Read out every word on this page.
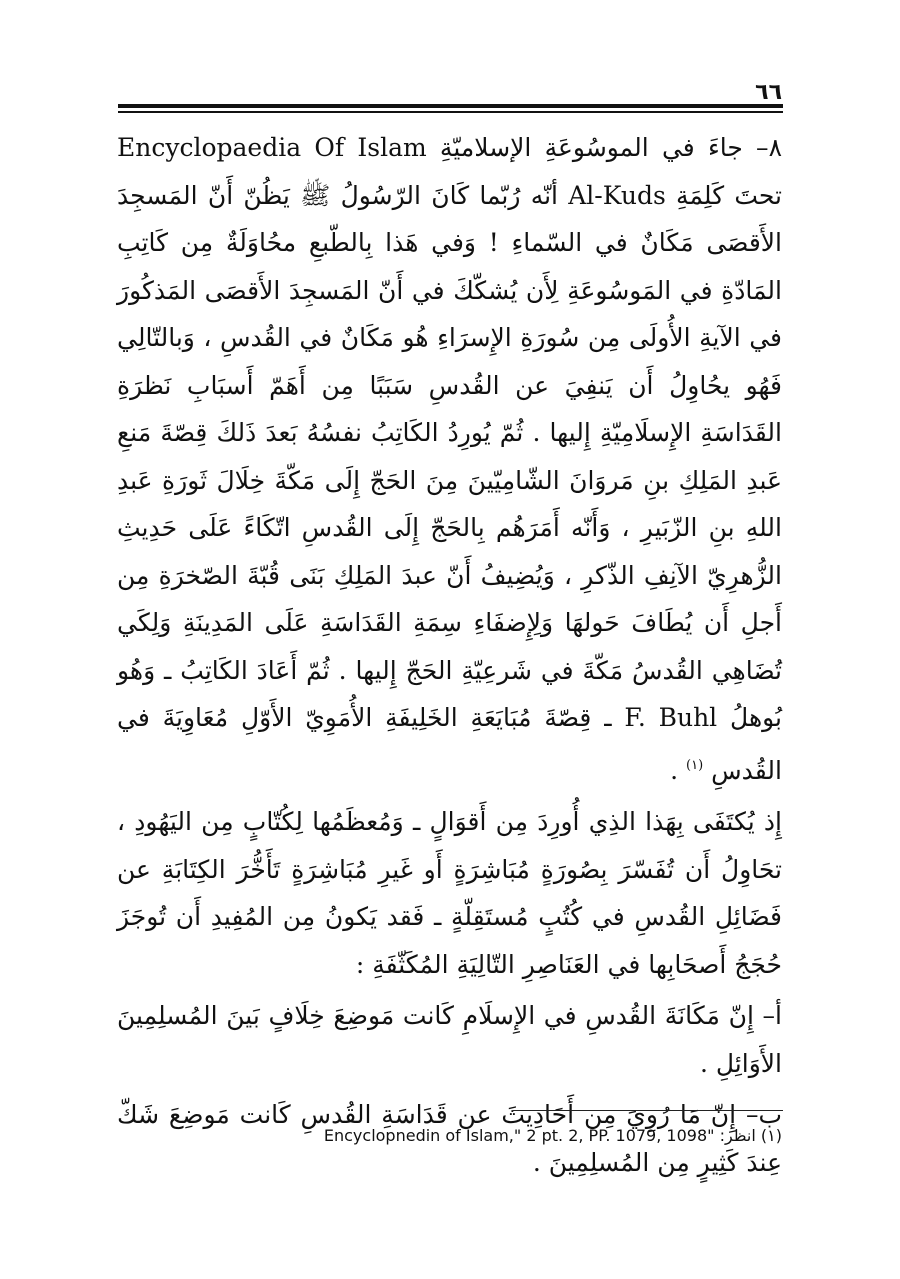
٦٦

٨– جاءَ في الموسُوعَةِ الإسلاميّةِ Encyclopaedia Of Islam تحتَ كَلِمَةِ Al-Kuds أنّه رُبّما كَانَ الرّسُولُ ﷺ يَظُنّ أَنّ المَسجِدَ الأَقصَى مَكَانٌ في السّماءِ ! وَفي هَذا بِالطّبعِ محُاوَلَةٌ مِن كَاتِبِ المَادّةِ في المَوسُوعَةِ لِأَن يُشكّكَ في أَنّ المَسجِدَ الأَقصَى المَذكُورَ في الآيةِ الأُولَى مِن سُورَةِ الإِسرَاءِ هُو مَكَانٌ في القُدسِ ، وَبالتّالِي فَهُو يحُاوِلُ أَن يَنفِيَ عن القُدسِ سَبَبًا مِن أَهَمّ أَسبَابِ نَظرَةِ القَدَاسَةِ الإِسلَامِيّةِ إِليها . ثُمّ يُورِدُ الكَاتِبُ نفسُهُ بَعدَ ذَلكَ قِصّةَ مَنعِ عَبدِ المَلِكِ بنِ مَروَانَ الشّامِيّينَ مِنَ الحَجّ إِلَى مَكّةَ خِلَالَ ثَورَةِ عَبدِ اللهِ بنِ الزّبَيرِ ، وَأَنّه أَمَرَهُم بِالحَجّ إِلَى القُدسِ اتّكَاءً عَلَى حَدِيثِ الزُّهرِيّ الآنِفِ الذّكرِ ، وَيُضِيفُ أَنّ عبدَ المَلِكِ بَنَى قُبّةَ الصّخرَةِ مِن أَجلِ أَن يُطَافَ حَولهَا وَلِإِضفَاءِ سِمَةِ القَدَاسَةِ عَلَى المَدِينَةِ وَلِكَي تُضَاهِي القُدسُ مَكّةَ في شَرعِيّةِ الحَجّ إِليها . ثُمّ أَعَادَ الكَاتِبُ ـ وَهُو بُوهلُ F. Buhl ـ قِصّةَ مُبَايَعَةِ الخَلِيفَةِ الأُمَوِيّ الأَوّلِ مُعَاوِيَةَ في القُدسِ $^{(١)}$ .

إِذ يُكتَفَى بِهَذا الذِي أُورِدَ مِن أَقوَالٍ ـ وَمُعظَمُها لِكُتّابٍ مِن اليَهُودِ ، تحَاوِلُ أَن تُفَسّرَ بِصُورَةٍ مُبَاشِرَةٍ أَو غَيرِ مُبَاشِرَةٍ تَأَخُّرَ الكِتَابَةِ عن فَضَائِلِ القُدسِ في كُتُبٍ مُستَقِلّةٍ ـ فَقد يَكونُ مِن المُفِيدِ أَن تُوجَزَ حُجَجُ أَصحَابِها في العَنَاصِرِ التّالِيَةِ المُكَثّفَةِ :

أ– إِنّ مَكَانَةَ القُدسِ في الإِسلَامِ كَانت مَوضِعَ خِلَافٍ بَينَ المُسلِمِينَ الأَوَائِلِ .

ب– إِنّ مَا رُوِيَ مِن أَحَادِيثَ عن قَدَاسَةِ القُدسِ كَانت مَوضِعَ شَكّ عِندَ كَثِيرٍ مِن المُسلِمِينَ .

(١) انظر: "Encyclopnedin of Islam," 2 pt. 2, PP. 1079, 1098
